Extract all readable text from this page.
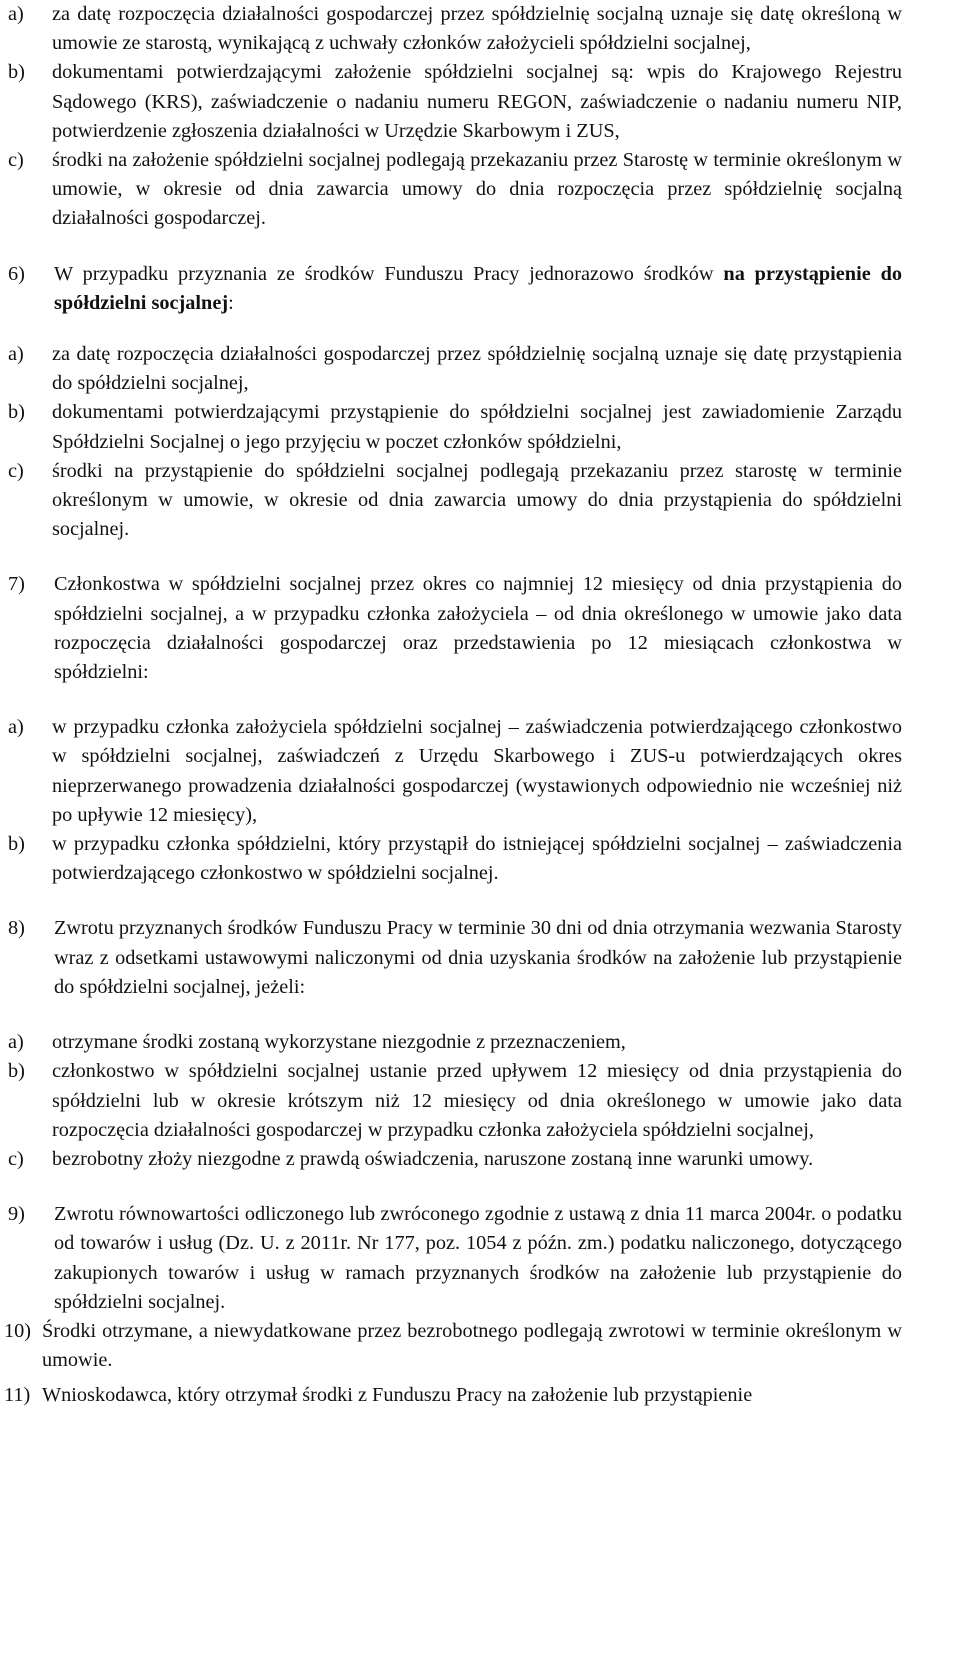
a)	za datę rozpoczęcia działalności gospodarczej przez spółdzielnię socjalną uznaje się datę określoną w umowie ze starostą, wynikającą z uchwały członków założycieli spółdzielni socjalnej,
b)	dokumentami potwierdzającymi założenie spółdzielni socjalnej są: wpis do Krajowego Rejestru Sądowego (KRS), zaświadczenie o nadaniu numeru REGON, zaświadczenie o nadaniu numeru NIP, potwierdzenie zgłoszenia działalności w Urzędzie Skarbowym i ZUS,
c)	środki na założenie spółdzielni socjalnej podlegają przekazaniu przez Starostę w terminie określonym w umowie, w okresie od dnia zawarcia umowy do dnia rozpoczęcia przez spółdzielnię socjalną działalności gospodarczej.
6)	W przypadku przyznania ze środków Funduszu Pracy jednorazowo środków na przystąpienie do spółdzielni socjalnej:
a)	za datę rozpoczęcia działalności gospodarczej przez spółdzielnię socjalną uznaje się datę przystąpienia do spółdzielni socjalnej,
b)	dokumentami potwierdzającymi przystąpienie do spółdzielni socjalnej jest zawiadomienie Zarządu Spółdzielni Socjalnej o jego przyjęciu w poczet członków spółdzielni,
c)	środki na przystąpienie do spółdzielni socjalnej podlegają przekazaniu przez starostę w terminie określonym w umowie, w okresie od dnia zawarcia umowy do dnia przystąpienia do spółdzielni socjalnej.
7)	Członkostwa w spółdzielni socjalnej przez okres co najmniej 12 miesięcy od dnia przystąpienia do spółdzielni socjalnej, a w przypadku członka założyciela – od dnia określonego w umowie jako data rozpoczęcia działalności gospodarczej oraz przedstawienia po 12 miesiącach członkostwa w spółdzielni:
a)	w przypadku członka założyciela spółdzielni socjalnej – zaświadczenia potwierdzającego członkostwo w spółdzielni socjalnej, zaświadczeń z Urzędu Skarbowego i ZUS-u potwierdzających okres nieprzerwanego prowadzenia działalności gospodarczej (wystawionych odpowiednio nie wcześniej niż po upływie 12 miesięcy),
b)	w przypadku członka spółdzielni, który przystąpił do istniejącej spółdzielni socjalnej – zaświadczenia potwierdzającego członkostwo w spółdzielni socjalnej.
8)	Zwrotu przyznanych środków Funduszu Pracy w terminie 30 dni od dnia otrzymania wezwania Starosty wraz z odsetkami ustawowymi naliczonymi od dnia uzyskania środków na założenie lub przystąpienie do spółdzielni socjalnej, jeżeli:
a)	otrzymane środki zostaną wykorzystane niezgodnie z przeznaczeniem,
b)	członkostwo w spółdzielni socjalnej ustanie przed upływem 12 miesięcy od dnia przystąpienia do spółdzielni lub w okresie krótszym niż 12 miesięcy od dnia określonego w umowie jako data rozpoczęcia działalności gospodarczej w przypadku członka założyciela spółdzielni socjalnej,
c)	bezrobotny złoży niezgodne z prawdą oświadczenia, naruszone zostaną inne warunki umowy.
9)	Zwrotu równowartości odliczonego lub zwróconego zgodnie z ustawą z dnia 11 marca 2004r. o podatku od towarów i usług (Dz. U. z 2011r. Nr 177, poz. 1054 z późn. zm.) podatku naliczonego, dotyczącego zakupionych towarów i usług w ramach przyznanych środków na założenie lub przystąpienie do spółdzielni socjalnej.
10) Środki otrzymane, a niewydatkowane przez bezrobotnego podlegają zwrotowi w terminie określonym w umowie.
11) Wnioskodawca, który otrzymał środki z Funduszu Pracy na założenie lub przystąpienie
